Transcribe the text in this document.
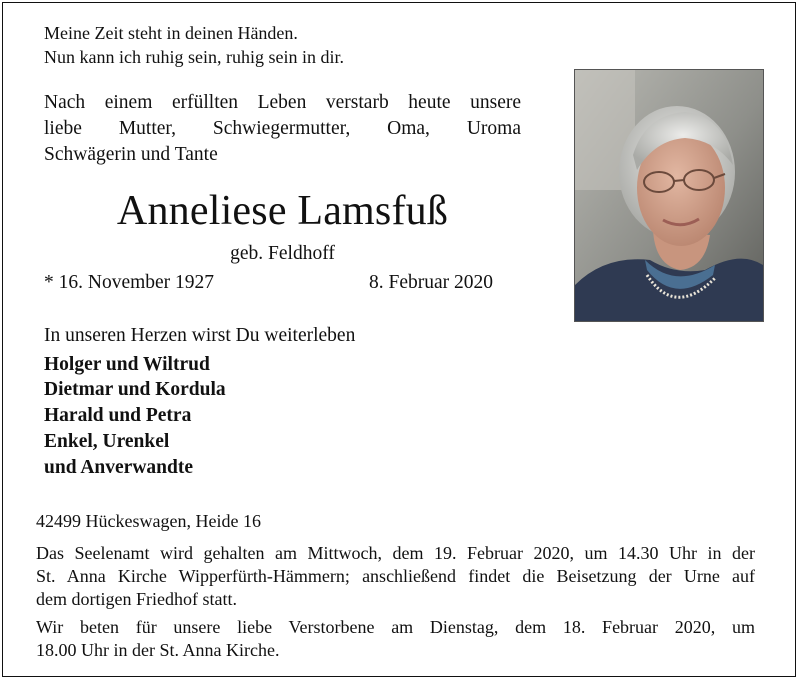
Meine Zeit steht in deinen Händen.
Nun kann ich ruhig sein, ruhig sein in dir.
Nach einem erfüllten Leben verstarb heute unsere
liebe Mutter, Schwiegermutter, Oma, Uroma
Schwägerin und Tante
Anneliese Lamsfuß
geb. Feldhoff
* 16. November 1927	8. Februar 2020
In unseren Herzen wirst Du weiterleben
Holger und Wiltrud
Dietmar und Kordula
Harald und Petra
Enkel, Urenkel
und Anverwandte
42499 Hückeswagen, Heide 16
Das Seelenamt wird gehalten am Mittwoch, dem 19. Februar 2020, um 14.30 Uhr in der
St. Anna Kirche Wipperfürth-Hämmern; anschließend findet die Beisetzung der Urne auf
dem dortigen Friedhof statt.
Wir beten für unsere liebe Verstorbene am Dienstag, dem 18. Februar 2020, um
18.00 Uhr in der St. Anna Kirche.
